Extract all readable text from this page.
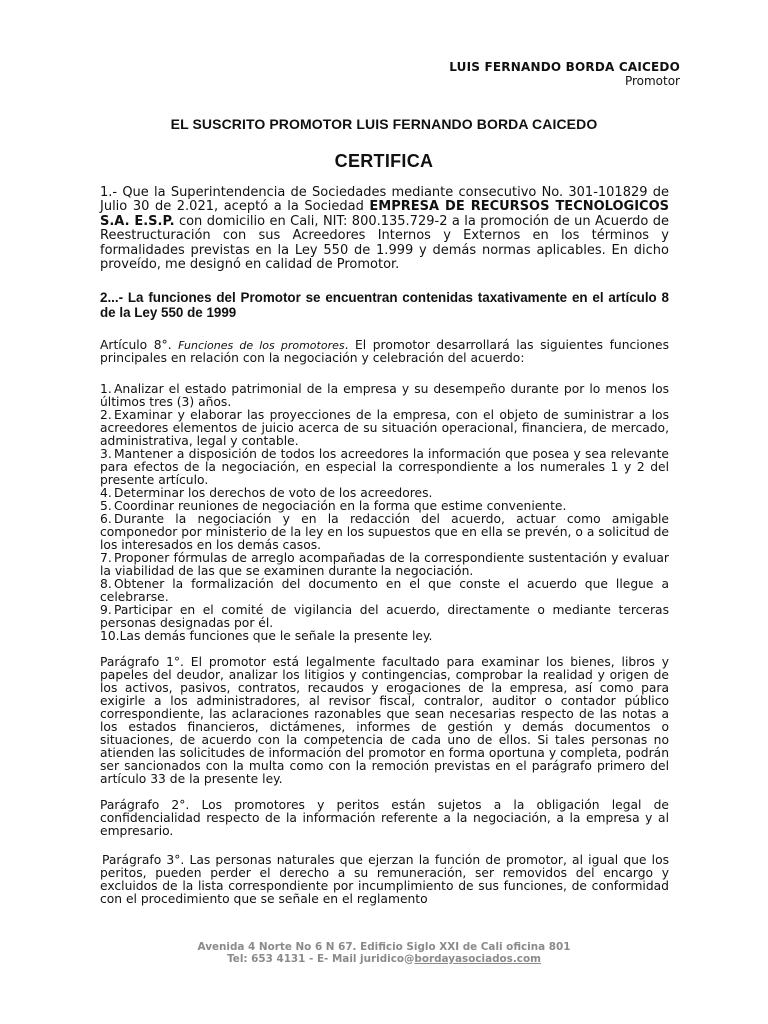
LUIS FERNANDO BORDA CAICEDO
Promotor
EL SUSCRITO PROMOTOR LUIS FERNANDO BORDA CAICEDO
CERTIFICA

1.- Que la Superintendencia de Sociedades mediante consecutivo No. 301-101829 de Julio 30 de 2.021, aceptó a la Sociedad EMPRESA DE RECURSOS TECNOLOGICOS S.A. E.S.P. con domicilio en Cali, NIT: 800.135.729-2 a la promoción de un Acuerdo de Reestructuración con sus Acreedores Internos y Externos en los términos y formalidades previstas en la Ley 550 de 1.999 y demás normas aplicables. En dicho proveído, me designó en calidad de Promotor.

2...- La funciones del Promotor se encuentran contenidas taxativamente en el artículo 8 de la Ley 550 de 1999

Artículo 8°. Funciones de los promotores. El promotor desarrollará las siguientes funciones principales en relación con la negociación y celebración del acuerdo:

1. Analizar el estado patrimonial de la empresa y su desempeño durante por lo menos los últimos tres (3) años.
2. Examinar y elaborar las proyecciones de la empresa, con el objeto de suministrar a los acreedores elementos de juicio acerca de su situación operacional, financiera, de mercado, administrativa, legal y contable.
3. Mantener a disposición de todos los acreedores la información que posea y sea relevante para efectos de la negociación, en especial la correspondiente a los numerales 1 y 2 del presente artículo.
4. Determinar los derechos de voto de los acreedores.
5. Coordinar reuniones de negociación en la forma que estime conveniente.
6. Durante la negociación y en la redacción del acuerdo, actuar como amigable componedor por ministerio de la ley en los supuestos que en ella se prevén, o a solicitud de los interesados en los demás casos.
7. Proponer fórmulas de arreglo acompañadas de la correspondiente sustentación y evaluar la viabilidad de las que se examinen durante la negociación.
8. Obtener la formalización del documento en el que conste el acuerdo que llegue a celebrarse.
9. Participar en el comité de vigilancia del acuerdo, directamente o mediante terceras personas designadas por él.
10.Las demás funciones que le señale la presente ley.

Parágrafo 1°. El promotor está legalmente facultado para examinar los bienes, libros y papeles del deudor, analizar los litigios y contingencias, comprobar la realidad y origen de los activos, pasivos, contratos, recaudos y erogaciones de la empresa, así como para exigirle a los administradores, al revisor fiscal, contralor, auditor o contador público correspondiente, las aclaraciones razonables que sean necesarias respecto de las notas a los estados financieros, dictámenes, informes de gestión y demás documentos o situaciones, de acuerdo con la competencia de cada uno de ellos. Si tales personas no atienden las solicitudes de información del promotor en forma oportuna y completa, podrán ser sancionados con la multa como con la remoción previstas en el parágrafo primero del artículo 33 de la presente ley.

Parágrafo 2°. Los promotores y peritos están sujetos a la obligación legal de confidencialidad respecto de la información referente a la negociación, a la empresa y al empresario.

Parágrafo 3°. Las personas naturales que ejerzan la función de promotor, al igual que los peritos, pueden perder el derecho a su remuneración, ser removidos del encargo y excluidos de la lista correspondiente por incumplimiento de sus funciones, de conformidad con el procedimiento que se señale en el reglamento

Avenida 4 Norte No 6 N 67. Edificio Siglo XXI de Cali oficina 801
Tel: 653 4131 - E- Mail juridico@bordayasociados.com
